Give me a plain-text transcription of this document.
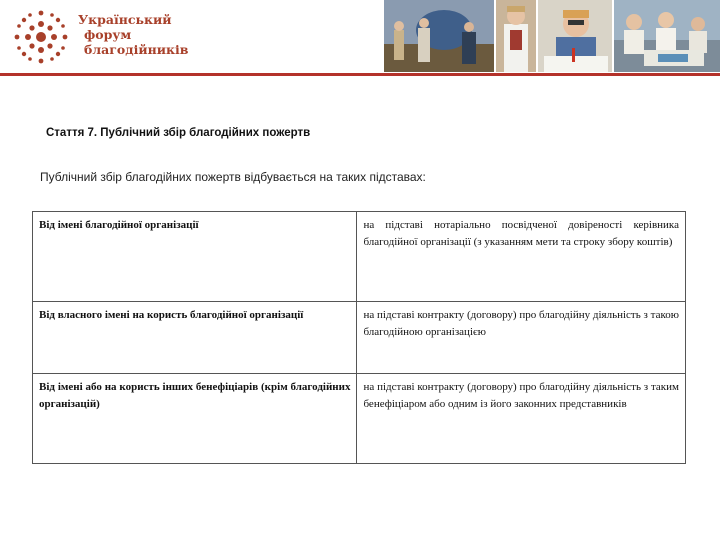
Український
форум
благодійників
Стаття 7. Публічний збір благодійних пожертв
Публічний збір благодійних пожертв відбувається на таких підставах:
Від імені благодійної організації	на підставі нотаріально посвідченої довіреності керівника благодійної організації (з указанням мети та строку збору коштів)
Від власного імені на користь благодійної організації	на підставі контракту (договору) про благодійну діяльність з такою благодійною організацією
Від імені або на користь інших бенефіціарів (крім благодійних організацій)	на підставі контракту (договору) про благодійну діяльність з таким бенефіціаром або одним із його законних представників
